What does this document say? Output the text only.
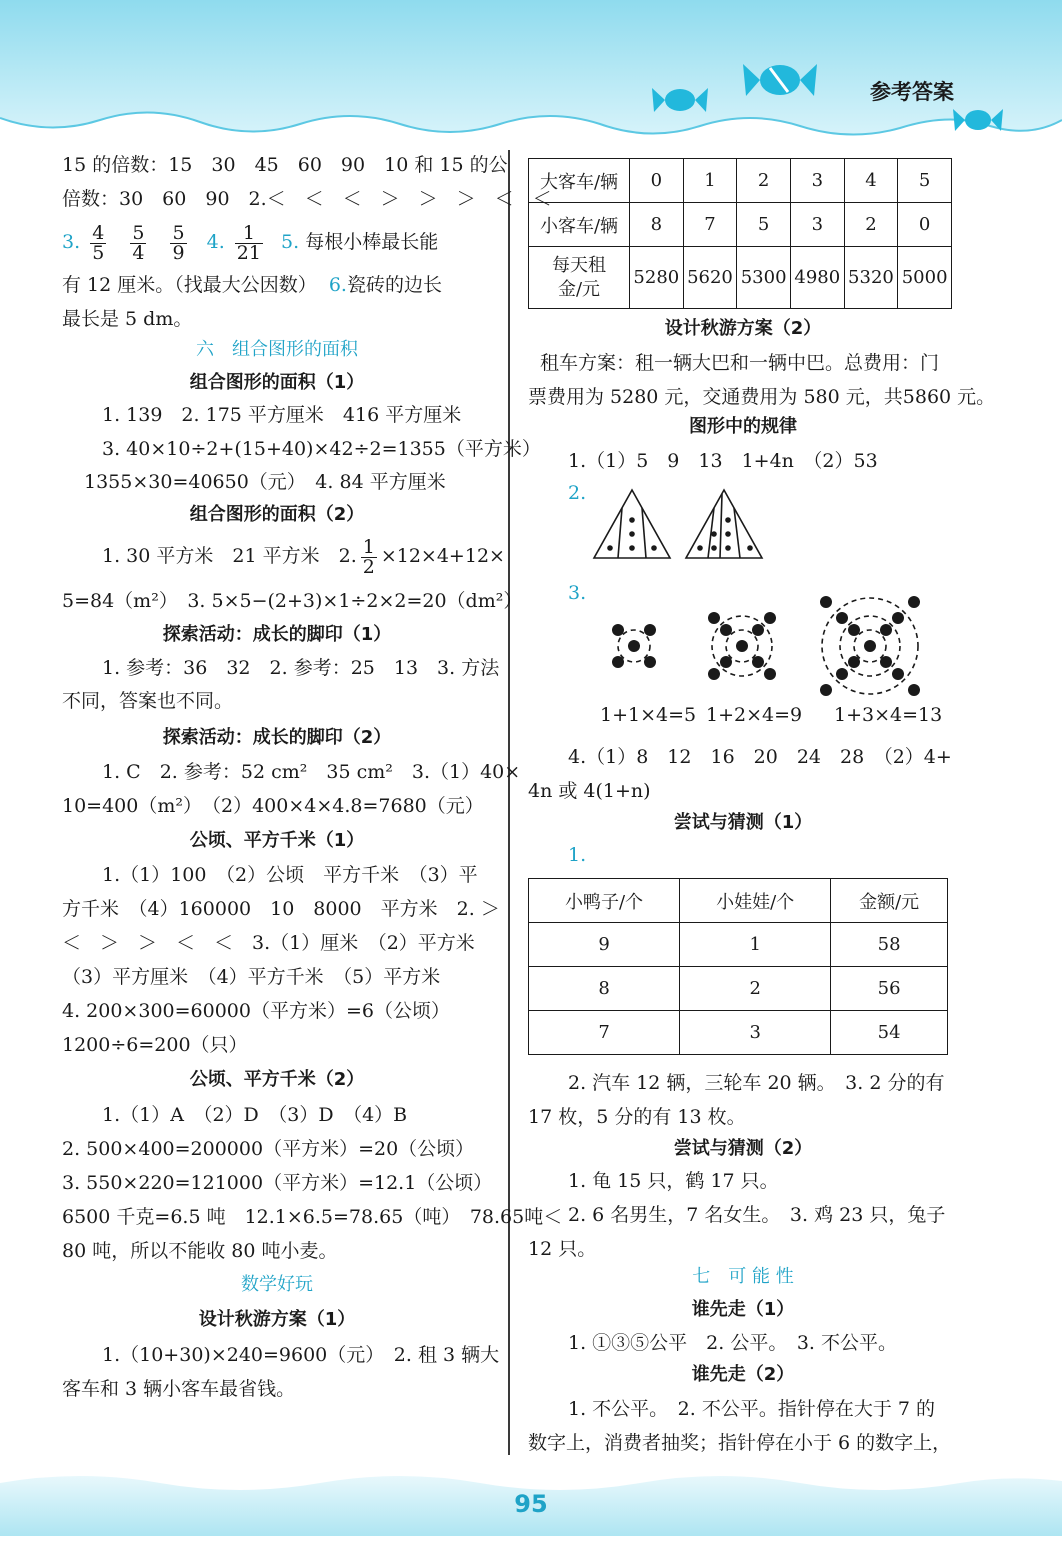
参考答案
15 的倍数：15　30　45　60　90　10 和 15 的公
倍数：30　60　90　2.＜　＜　＜　＞　＞　＞　＜　＜
3. $\frac{4}{5}$
$\frac{5}{4}$
$\frac{5}{9} 4$. $\frac{1}{21} 5$. 每根小棒最长能
有 12 厘米。（找最大公因数） 6.瓷砖的边长
最长是 5 dm。
六　组合图形的面积
组合图形的面积（1）
1. 139　2. 175 平方厘米　416 平方厘米
3. 40×10÷2+(15+40)×42÷2=1355（平方米）
1355×30=40650（元）　4. 84 平方厘米
组合图形的面积（2）
1. 30 平方米　21 平方米　2. $\frac{1}{2} \times 12\times 4+12\times$
5=84（m²）　3. 5×5−(2+3)×1÷2×2=20（dm²）
探索活动：成长的脚印（1）
1. 参考：36　32　2. 参考：25　13　3. 方法
不同，答案也不同。
探索活动：成长的脚印（2）
1. C　2. 参考：52 cm²　35 cm²　3.（1）40×
10=400（m²）　（2）400×4×4.8=7680（元）
公顷、平方千米（1）
1.（1）100　（2）公顷　平方千米　（3）平
方千米　（4）160000　10　8000　平方米　2. ＞
＜　＞　＞　＜　＜　3.（1）厘米　（2）平方米
（3）平方厘米　（4）平方千米　（5）平方米
4. 200×300=60000（平方米）=6（公顷）
1200÷6=200（只）
公顷、平方千米（2）
1.（1）A　（2）D　（3）D　（4）B
2. 500×400=200000（平方米）=20（公顷）
3. 550×220=121000（平方米）=12.1（公顷）
6500 千克=6.5 吨　12.1×6.5=78.65（吨）　78.65吨＜
80 吨，所以不能收 80 吨小麦。
数学好玩
设计秋游方案（1）
1.（10+30)×240=9600（元）　2. 租 3 辆大
客车和 3 辆小客车最省钱。
大客车/辆	0	1	2	3	4	5
小客车/辆	8	7	5	3	2	0
每天租金/元	5280	5620	5300	4980	5320	5000
设计秋游方案（2）
租车方案：租一辆大巴和一辆中巴。总费用：门
票费用为 5280 元，交通费用为 580 元，共5860 元。
图形中的规律
1.（1）5　9　13　1+4n　（2）53
2.
3.
1+1×4=5 1+2×4=9 1+3×4=13
4.（1）8　12　16　20　24　28　（2）4+
4n 或 4(1+n)
尝试与猜测（1）
1.
小鸭子/个	小娃娃/个	金额/元
9	1	58
8	2	56
7	3	54
2. 汽车 12 辆，三轮车 20 辆。　3. 2 分的有
17 枚，5 分的有 13 枚。
尝试与猜测（2）
1. 龟 15 只，鹤 17 只。
2. 6 名男生，7 名女生。　3. 鸡 23 只，兔子
12 只。
七　可 能 性
谁先走（1）
1. ①③⑤公平　2. 公平。　3. 不公平。
谁先走（2）
1. 不公平。　2. 不公平。指针停在大于 7 的
数字上，消费者抽奖；指针停在小于 6 的数字上，
95
